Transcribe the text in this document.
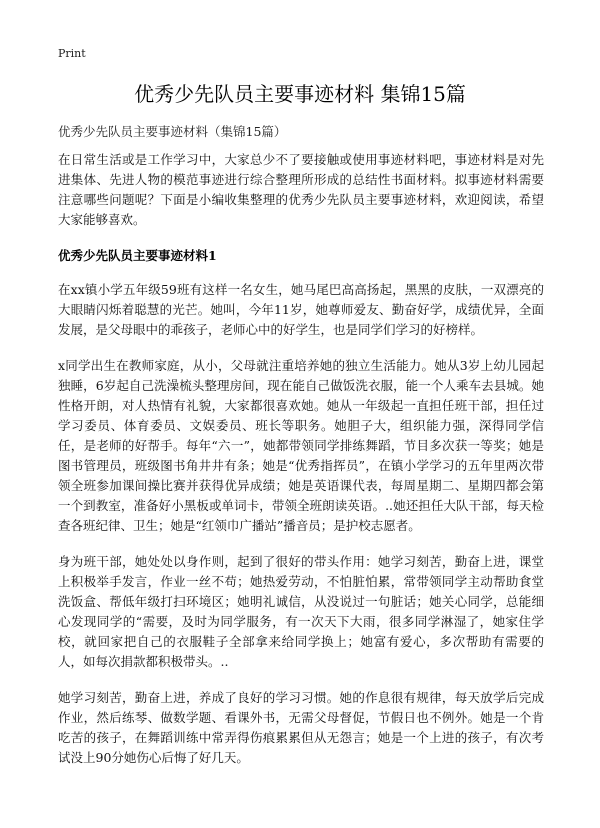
Print
优秀少先队员主要事迹材料 集锦15篇
优秀少先队员主要事迹材料（集锦15篇）

在日常生活或是工作学习中，大家总少不了要接触或使用事迹材料吧，事迹材料是对先进集体、先进人物的模范事迹进行综合整理所形成的总结性书面材料。拟事迹材料需要注意哪些问题呢？下面是小编收集整理的优秀少先队员主要事迹材料，欢迎阅读，希望大家能够喜欢。

优秀少先队员主要事迹材料1

在xx镇小学五年级59班有这样一名女生，她马尾巴高高扬起，黑黑的皮肤，一双漂亮的大眼睛闪烁着聪慧的光芒。她叫，今年11岁，她尊师爱友、勤奋好学，成绩优异，全面发展，是父母眼中的乖孩子，老师心中的好学生，也是同学们学习的好榜样。

x同学出生在教师家庭，从小，父母就注重培养她的独立生活能力。她从3岁上幼儿园起独睡，6岁起自己洗澡梳头整理房间，现在能自己做饭洗衣服，能一个人乘车去县城。她性格开朗，对人热情有礼貌，大家都很喜欢她。她从一年级起一直担任班干部，担任过学习委员、体育委员、文娱委员、班长等职务。她胆子大，组织能力强，深得同学信任，是老师的好帮手。每年“六一”，她都带领同学排练舞蹈，节目多次获一等奖；她是图书管理员，班级图书角井井有条；她是“优秀指挥员”，在镇小学学习的五年里两次带领全班参加课间操比赛并获得优异成绩；她是英语课代表，每周星期二、星期四都会第一个到教室，准备好小黑板或单词卡，带领全班朗读英语。..她还担任大队干部，每天检查各班纪律、卫生；她是“红领巾广播站”播音员；是护校志愿者。

身为班干部，她处处以身作则，起到了很好的带头作用：她学习刻苦，勤奋上进，课堂上积极举手发言，作业一丝不苟；她热爱劳动，不怕脏怕累，常带领同学主动帮助食堂洗饭盒、帮低年级打扫环境区；她明礼诚信，从没说过一句脏话；她关心同学，总能细心发现同学的“需要，及时为同学服务，有一次天下大雨，很多同学淋湿了，她家住学校，就回家把自己的衣服鞋子全部拿来给同学换上；她富有爱心，多次帮助有需要的人，如每次捐款都积极带头。..

她学习刻苦，勤奋上进，养成了良好的学习习惯。她的作息很有规律，每天放学后完成作业，然后练琴、做数学题、看课外书，无需父母督促，节假日也不例外。她是一个肯吃苦的孩子，在舞蹈训练中常弄得伤痕累累但从无怨言；她是一个上进的孩子，有次考试没上90分她伤心后悔了好几天。
